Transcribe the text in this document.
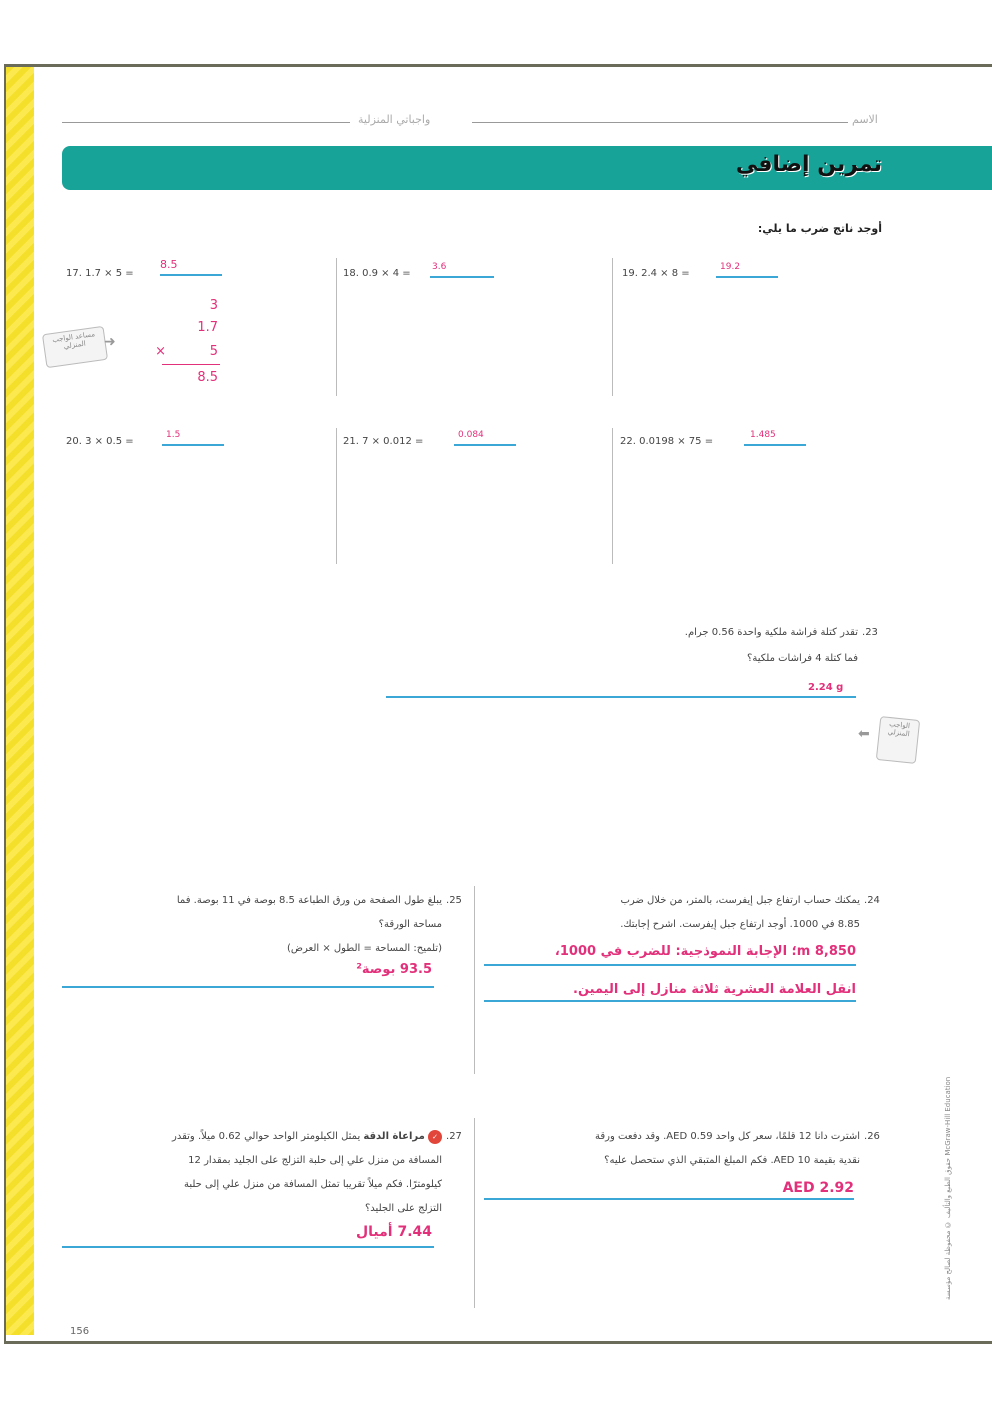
واجباتي المنزلية	الاسم
تمرين إضافي
أوجد ناتج ضرب ما يلي:
17. 1.7 × 5 =
8.5
18. 0.9 × 4 =
3.6
19. 2.4 × 8 =
19.2
3
1.7
×	5
8.5
مساعد الواجب المنزلي	➜
20. 3 × 0.5 =
1.5
21. 7 × 0.012 =
0.084
22. 0.0198 × 75 =
1.485
23.
تقدر كتلة فراشة ملكية واحدة 0.56 جرام.
فما كتلة 4 فراشات ملكية؟
2.24 g
الواجب المنزلي
⬅
24.
يمكنك حساب ارتفاع جبل إيفرست، بالمتر، من خلال ضرب
8.85 في 1000. أوجد ارتفاع جبل إيفرست. اشرح إجابتك.
8,850 m؛ الإجابة النموذجية: للضرب في 1000،
انقل العلامة العشرية ثلاثة منازل إلى اليمين.
25.
يبلغ طول الصفحة من ورق الطباعة 8.5 بوصة في 11 بوصة. فما
مساحة الورقة؟
(تلميح: المساحة = الطول × العرض)
93.5 بوصة²
26.
اشترت دانا 12 قلمًا، سعر كل واحد AED 0.59. وقد دفعت ورقة
نقدية بقيمة AED 10. فكم المبلغ المتبقي الذي ستحصل عليه؟
AED 2.92
27.
✓ مراعاة الدقة يمثل الكيلومتر الواحد حوالي 0.62 ميلاً. وتقدر
المسافة من منزل علي إلى حلبة التزلج على الجليد بمقدار 12
كيلومترًا. فكم ميلاً تقريبا تمثل المسافة من منزل علي إلى حلبة
التزلج على الجليد؟
7.44 أميال	حقوق الطبع والتأليف © محفوظة لصالح مؤسسة McGraw-Hill Education
156
